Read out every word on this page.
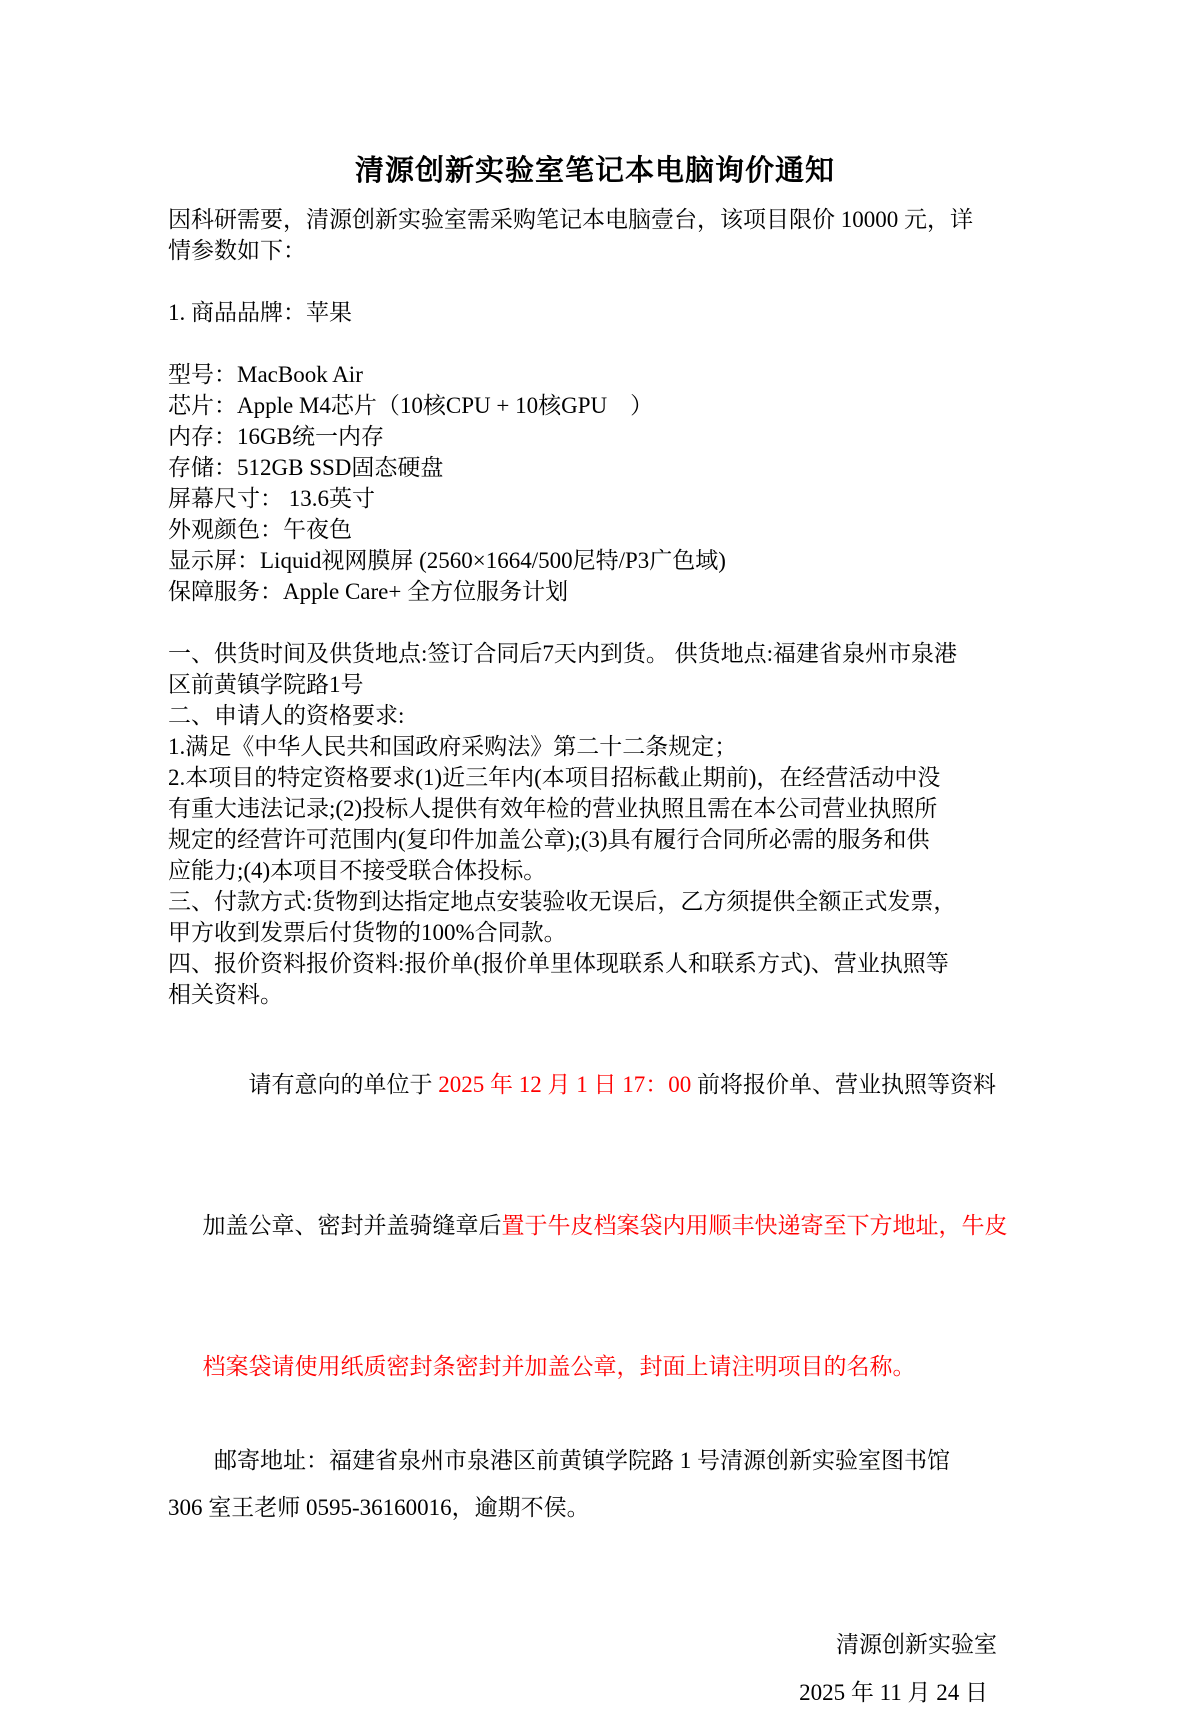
清源创新实验室笔记本电脑询价通知
因科研需要，清源创新实验室需采购笔记本电脑壹台，该项目限价 10000 元，详
情参数如下：
1. 商品品牌：苹果
型号：MacBook Air
芯片：Apple M4芯片（10核CPU + 10核GPU　）
内存：16GB统一内存
存储：512GB SSD固态硬盘
屏幕尺寸： 13.6英寸
外观颜色：午夜色
显示屏：Liquid视网膜屏 (2560×1664/500尼特/P3广色域)
保障服务：Apple Care+ 全方位服务计划
一、供货时间及供货地点:签订合同后7天内到货。 供货地点:福建省泉州市泉港
区前黄镇学院路1号
二、申请人的资格要求:
1.满足《中华人民共和国政府采购法》第二十二条规定；
2.本项目的特定资格要求(1)近三年内(本项目招标截止期前)，在经营活动中没
有重大违法记录;(2)投标人提供有效年检的营业执照且需在本公司营业执照所
规定的经营许可范围内(复印件加盖公章);(3)具有履行合同所必需的服务和供
应能力;(4)本项目不接受联合体投标。
三、付款方式:货物到达指定地点安装验收无误后，乙方须提供全额正式发票，
甲方收到发票后付货物的100%合同款。
四、报价资料报价资料:报价单(报价单里体现联系人和联系方式)、营业执照等
相关资料。

请有意向的单位于 2025 年 12 月 1 日 17：00 前将报价单、营业执照等资料

加盖公章、密封并盖骑缝章后置于牛皮档案袋内用顺丰快递寄至下方地址，牛皮

档案袋请使用纸质密封条密封并加盖公章，封面上请注明项目的名称。

邮寄地址：福建省泉州市泉港区前黄镇学院路 1 号清源创新实验室图书馆
306 室王老师 0595-36160016，逾期不侯。
清源创新实验室
2025 年 11 月 24 日
